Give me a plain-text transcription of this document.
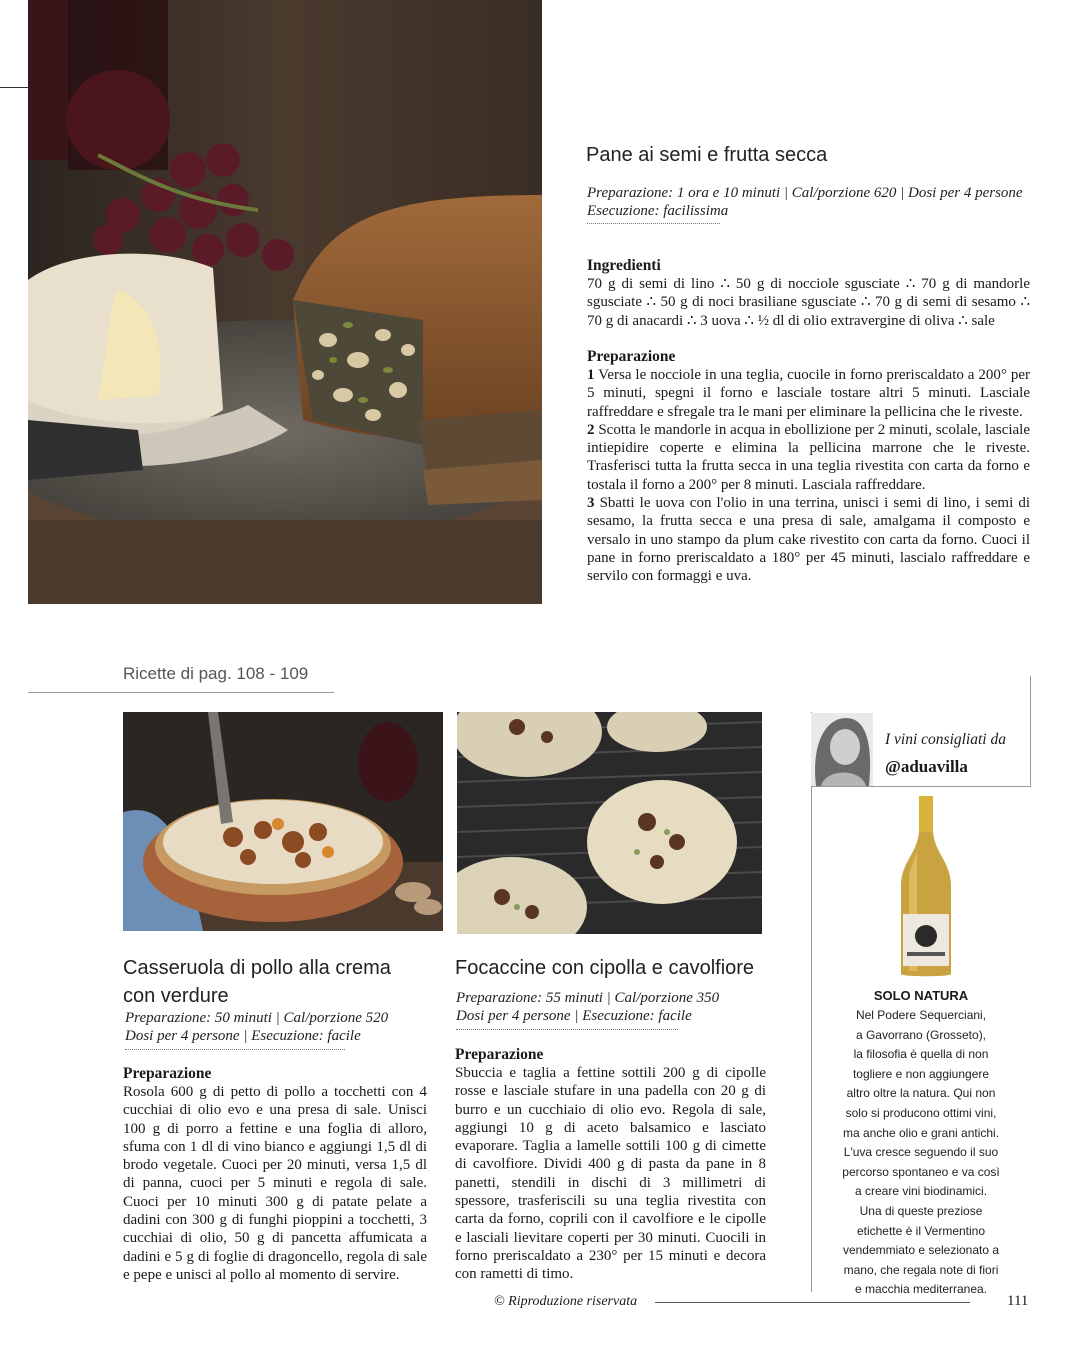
Pane ai semi e frutta secca
Preparazione: 1 ora e 10 minuti | Cal/porzione 620 | Dosi per 4 persone
Esecuzione: facilissima
Ingredienti
70 g di semi di lino ∴ 50 g di nocciole sgusciate ∴ 70 g di mandorle sgusciate ∴ 50 g di noci brasiliane sgusciate ∴ 70 g di semi di sesamo ∴ 70 g di anacardi ∴ 3 uova ∴ ½ dl di olio extravergine di oliva ∴ sale
Preparazione

1 Versa le nocciole in una teglia, cuocile in forno preriscaldato a 200° per 5 minuti, spegni il forno e lasciale tostare altri 5 minuti. Lasciale raffreddare e sfregale tra le mani per eliminare la pellicina che le riveste.

2 Scotta le mandorle in acqua in ebollizione per 2 minuti, scolale, lasciale intiepidire coperte e elimina la pellicina marrone che le riveste. Trasferisci tutta la frutta secca in una teglia rivestita con carta da forno e tostala il forno a 200° per 8 minuti. Lasciala raffreddare.

3 Sbatti le uova con l'olio in una terrina, unisci i semi di lino, i semi di sesamo, la frutta secca e una presa di sale, amalgama il composto e versalo in uno stampo da plum cake rivestito con carta da forno. Cuoci il pane in forno preriscaldato a 180° per 45 minuti, lascialo raffreddare e servilo con formaggi e uva.

Ricette di pag. 108 - 109
Casseruola di pollo alla crema
con verdure
Preparazione: 50 minuti | Cal/porzione 520
Dosi per 4 persone | Esecuzione: facile
Preparazione
Rosola 600 g di petto di pollo a tocchetti con 4 cucchiai di olio evo e una presa di sale. Unisci 100 g di porro a fettine e una foglia di alloro, sfuma con 1 dl di vino bianco e aggiungi 1,5 dl di brodo vegetale. Cuoci per 20 minuti, versa 1,5 dl di panna, cuoci per 5 minuti e regola di sale. Cuoci per 10 minuti 300 g di patate pelate a dadini con 300 g di funghi pioppini a tocchetti, 3 cucchiai di olio, 50 g di pancetta affumicata a dadini e 5 g di foglie di dragoncello, regola di sale e pepe e unisci al pollo al momento di servire.
Focaccine con cipolla e cavolfiore
Preparazione: 55 minuti | Cal/porzione 350
Dosi per 4 persone | Esecuzione: facile
Preparazione
Sbuccia e taglia a fettine sottili 200 g di cipolle rosse e lasciale stufare in una padella con 20 g di burro e un cucchiaio di olio evo. Regola di sale, aggiungi 10 g di aceto balsamico e lasciato evaporare. Taglia a lamelle sottili 100 g di cimette di cavolfiore. Dividi 400 g di pasta da pane in 8 panetti, stendili in dischi di 3 millimetri di spessore, trasferiscili su una teglia rivestita con carta da forno, coprili con il cavolfiore e le cipolle e lasciali lievitare coperti per 30 minuti. Cuocili in forno preriscaldato a 230° per 15 minuti e decora con rametti di timo.
I vini consigliati da
@aduavilla
SOLO NATURA
Nel Podere Sequerciani,
a Gavorrano (Grosseto),
la filosofia è quella di non
togliere e non aggiungere
altro oltre la natura. Qui non
solo si producono ottimi vini,
ma anche olio e grani antichi.
L'uva cresce seguendo il suo
percorso spontaneo e va così
a creare vini biodinamici.
Una di queste preziose
etichette è il Vermentino
vendemmiato e selezionato a
mano, che regala note di fiori
e macchia mediterranea.
© Riproduzione riservata	111
